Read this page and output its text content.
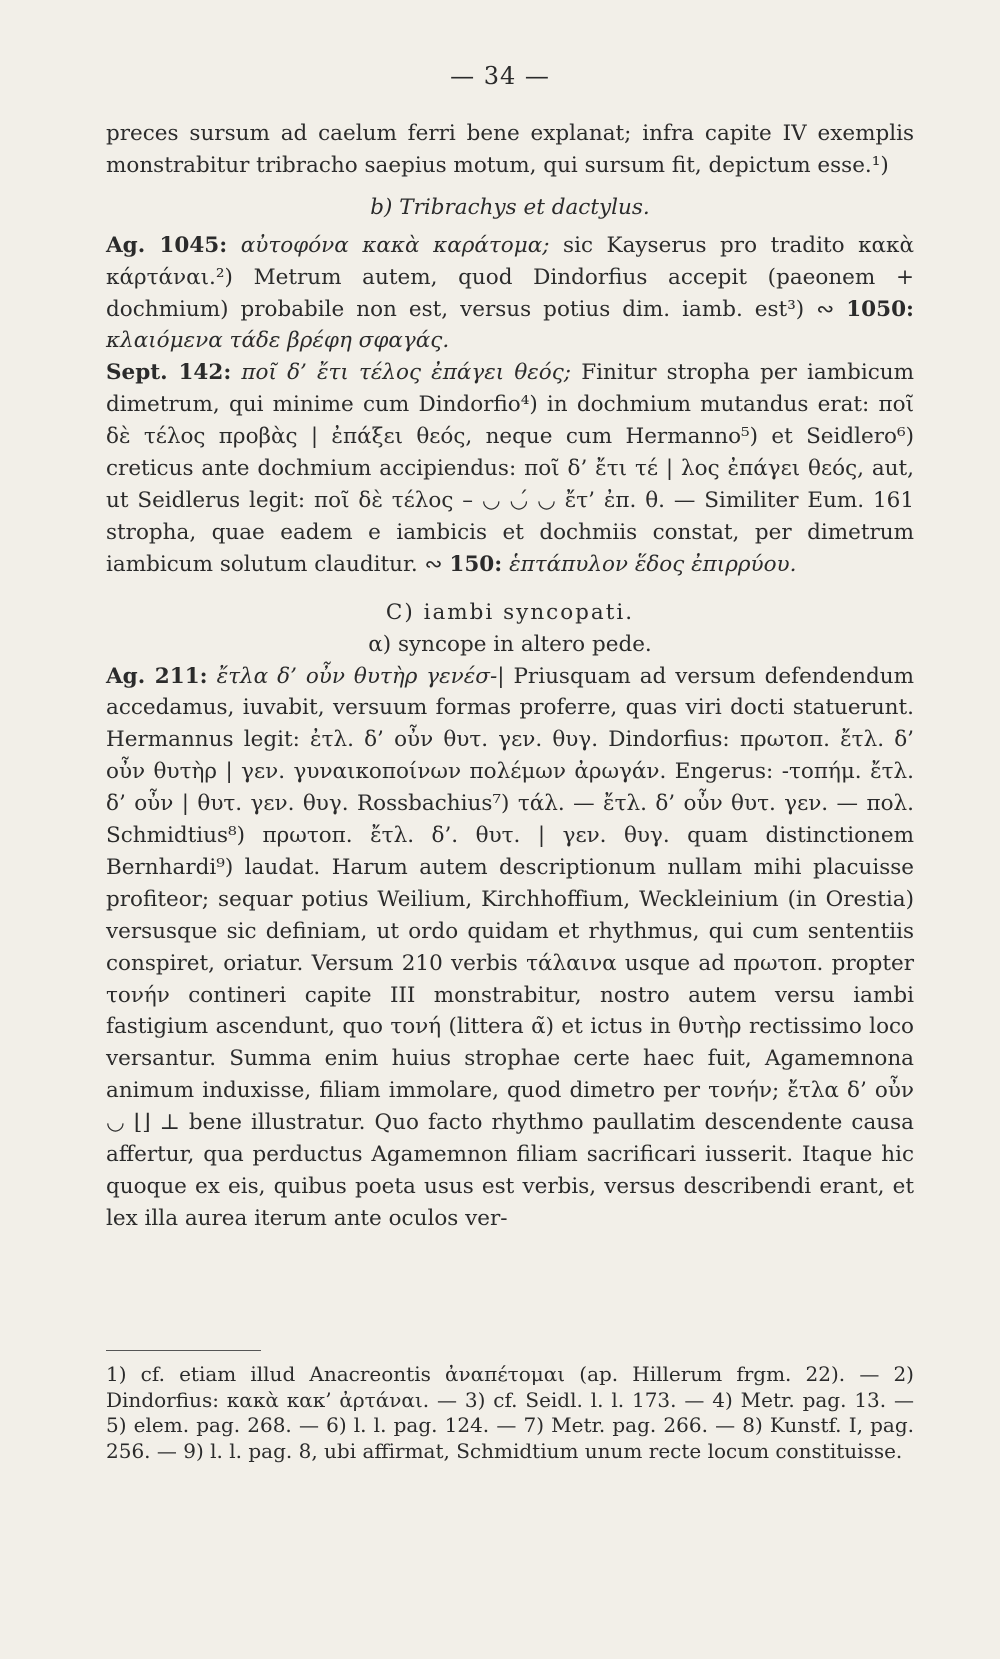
— 34 —

preces sursum ad caelum ferri bene explanat; infra capite IV exemplis monstrabitur tribracho saepius motum, qui sursum fit, depictum esse.¹)

b) Tribrachys et dactylus.

Ag. 1045: αὐτοφόνα κακὰ καράτομα; sic Kayserus pro tradito κακὰ κάρτάναι.²) Metrum autem, quod Dindorfius accepit (paeonem + dochmium) probabile non est, versus potius dim. iamb. est³) ∾ 1050: κλαιόμενα τάδε βρέφη σφαγάς.

Sept. 142: ποῖ δ’ ἔτι τέλος ἐπάγει θεός; Finitur stropha per iambicum dimetrum, qui minime cum Dindorfio⁴) in dochmium mutandus erat: ποῖ δὲ τέλος προβὰς | ἐπάξει θεός, neque cum Hermanno⁵) et Seidlero⁶) creticus ante dochmium accipiendus: ποῖ δ’ ἔτι τέ | λος ἐπάγει θεός, aut, ut Seidlerus legit: ποῖ δὲ τέλος – ◡ ◡́ ◡ ἔτ’ ἐπ. θ. — Similiter Eum. 161 stropha, quae eadem e iambicis et dochmiis constat, per dimetrum iambicum solutum clauditur. ∾ 150: ἑπτάπυλον ἕδος ἐπιρρύου.

C) iambi syncopati.

α) syncope in altero pede.

Ag. 211: ἔτλα δ’ οὖν θυτὴρ γενέσ-| Priusquam ad versum defendendum accedamus, iuvabit, versuum formas proferre, quas viri docti statuerunt. Hermannus legit: ἐτλ. δ’ οὖν θυτ. γεν. θυγ. Dindorfius: πρωτοπ. ἔτλ. δ’ οὖν θυτὴρ | γεν. γυναικοποίνων πολέμων ἀρωγάν. Engerus: -τοπήμ. ἔτλ. δ’ οὖν | θυτ. γεν. θυγ. Rossbachius⁷) τάλ. — ἔτλ. δ’ οὖν θυτ. γεν. — πολ. Schmidtius⁸) πρωτοπ. ἔτλ. δ’. θυτ. | γεν. θυγ. quam distinctionem Bernhardi⁹) laudat. Harum autem descriptionum nullam mihi placuisse profiteor; sequar potius Weilium, Kirchhoffium, Weckleinium (in Orestia) versusque sic definiam, ut ordo quidam et rhythmus, qui cum sententiis conspiret, oriatur. Versum 210 verbis τάλαινα usque ad πρωτοπ. propter τονήν contineri capite III monstrabitur, nostro autem versu iambi fastigium ascendunt, quo τονή (littera α̃) et ictus in θυτὴρ rectissimo loco versantur. Summa enim huius strophae certe haec fuit, Agamemnona animum induxisse, filiam immolare, quod dimetro per τονήν; ἔτλα δ’ οὖν ◡ ⌊⌋ ⊥ bene illustratur. Quo facto rhythmo paullatim descendente causa affertur, qua perductus Agamemnon filiam sacrificari iusserit. Itaque hic quoque ex eis, quibus poeta usus est verbis, versus describendi erant, et lex illa aurea iterum ante oculos ver-

1) cf. etiam illud Anacreontis ἀναπέτομαι (ap. Hillerum frgm. 22). — 2) Dindorfius: κακὰ κακ’ ἀρτάναι. — 3) cf. Seidl. l. l. 173. — 4) Metr. pag. 13. — 5) elem. pag. 268. — 6) l. l. pag. 124. — 7) Metr. pag. 266. — 8) Kunstf. I, pag. 256. — 9) l. l. pag. 8, ubi affirmat, Schmidtium unum recte locum constituisse.
